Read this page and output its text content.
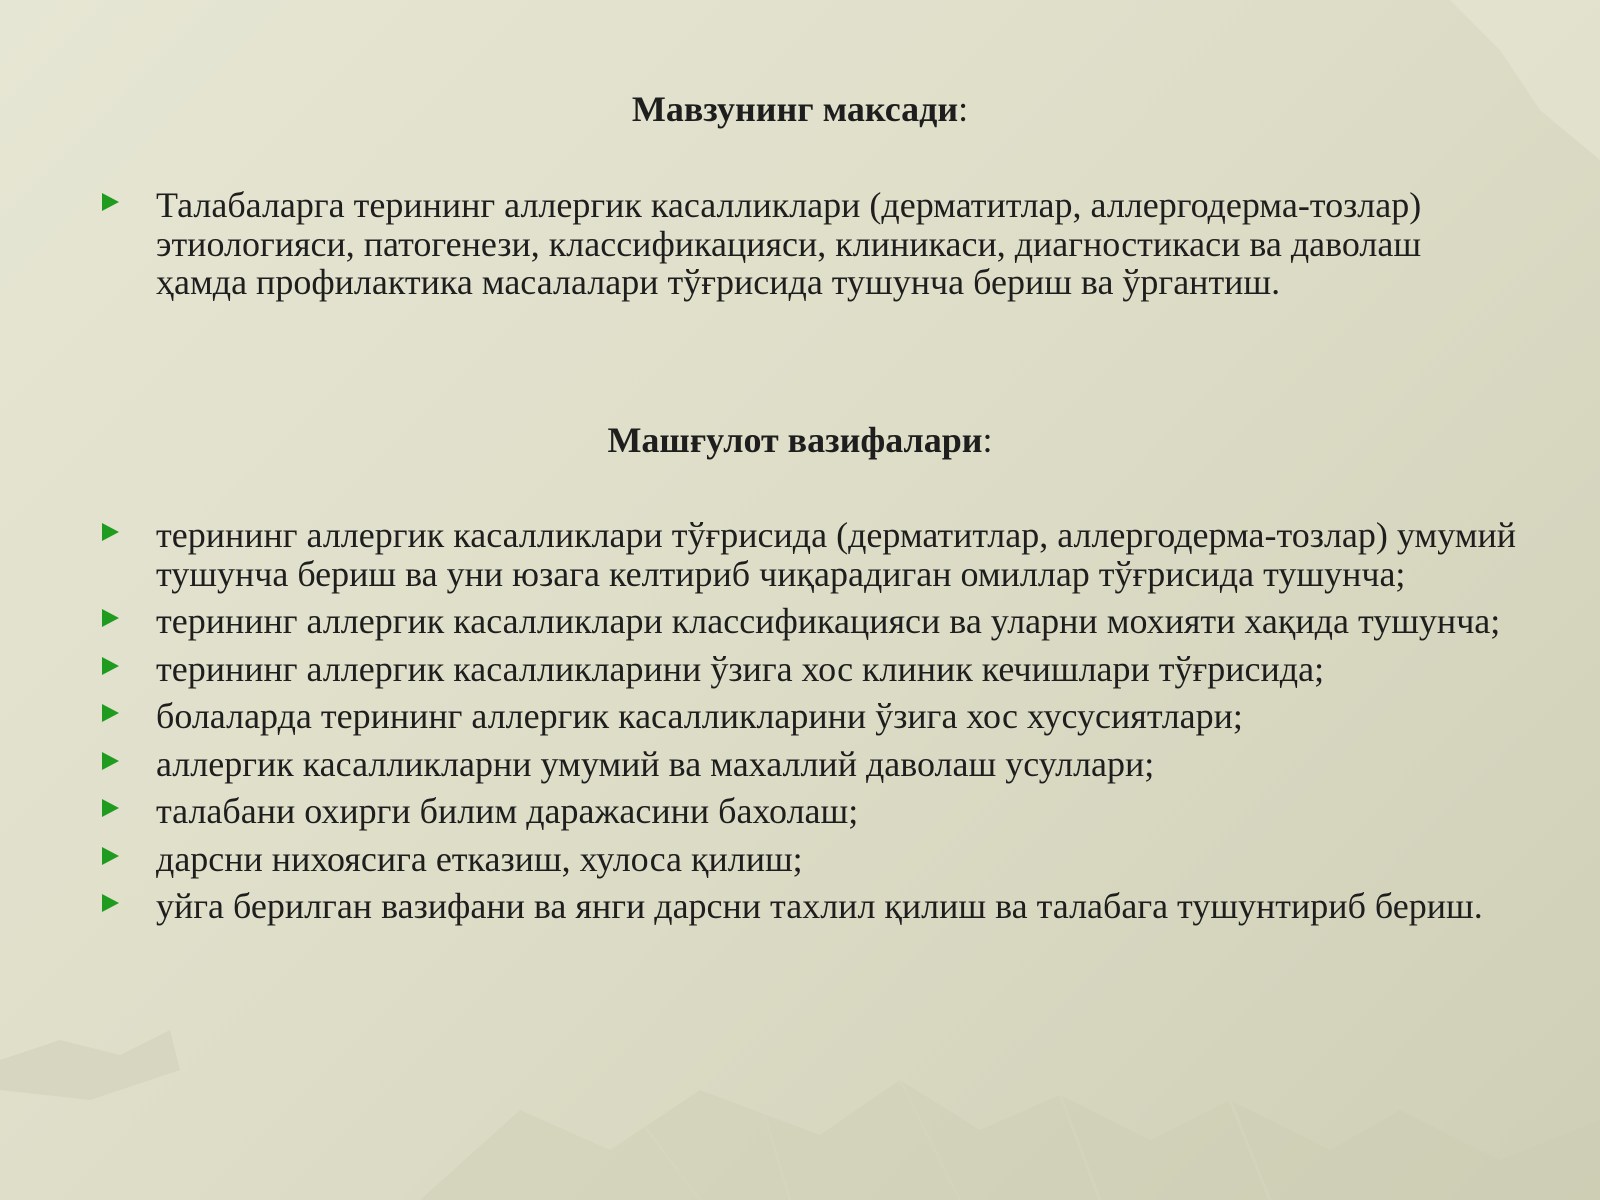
Мавзунинг максади:
Талабаларга терининг аллергик касалликлари (дерматитлар, аллергодерма-тозлар) этиологияси, патогенези, классификацияси, клиникаси, диагностикаси ва даволаш ҳамда профилактика масалалари тўғрисида тушунча бериш ва ўргантиш.
Машғулот вазифалари:
терининг аллергик касалликлари тўғрисида (дерматитлар, аллергодерма-тозлар) умумий тушунча бериш ва уни юзага келтириб чиқарадиган омиллар тўғрисида тушунча;
терининг аллергик касалликлари классификацияси ва уларни мохияти хақида тушунча;
терининг аллергик касалликларини ўзига хос клиник кечишлари тўғрисида;
болаларда терининг аллергик касалликларини ўзига хос хусусиятлари;
аллергик касалликларни умумий ва махаллий даволаш усуллари;
талабани охирги билим даражасини бахолаш;
дарсни нихоясига етказиш, хулоса қилиш;
уйга берилган вазифани ва янги дарсни тахлил қилиш ва талабага тушунтириб бериш.
